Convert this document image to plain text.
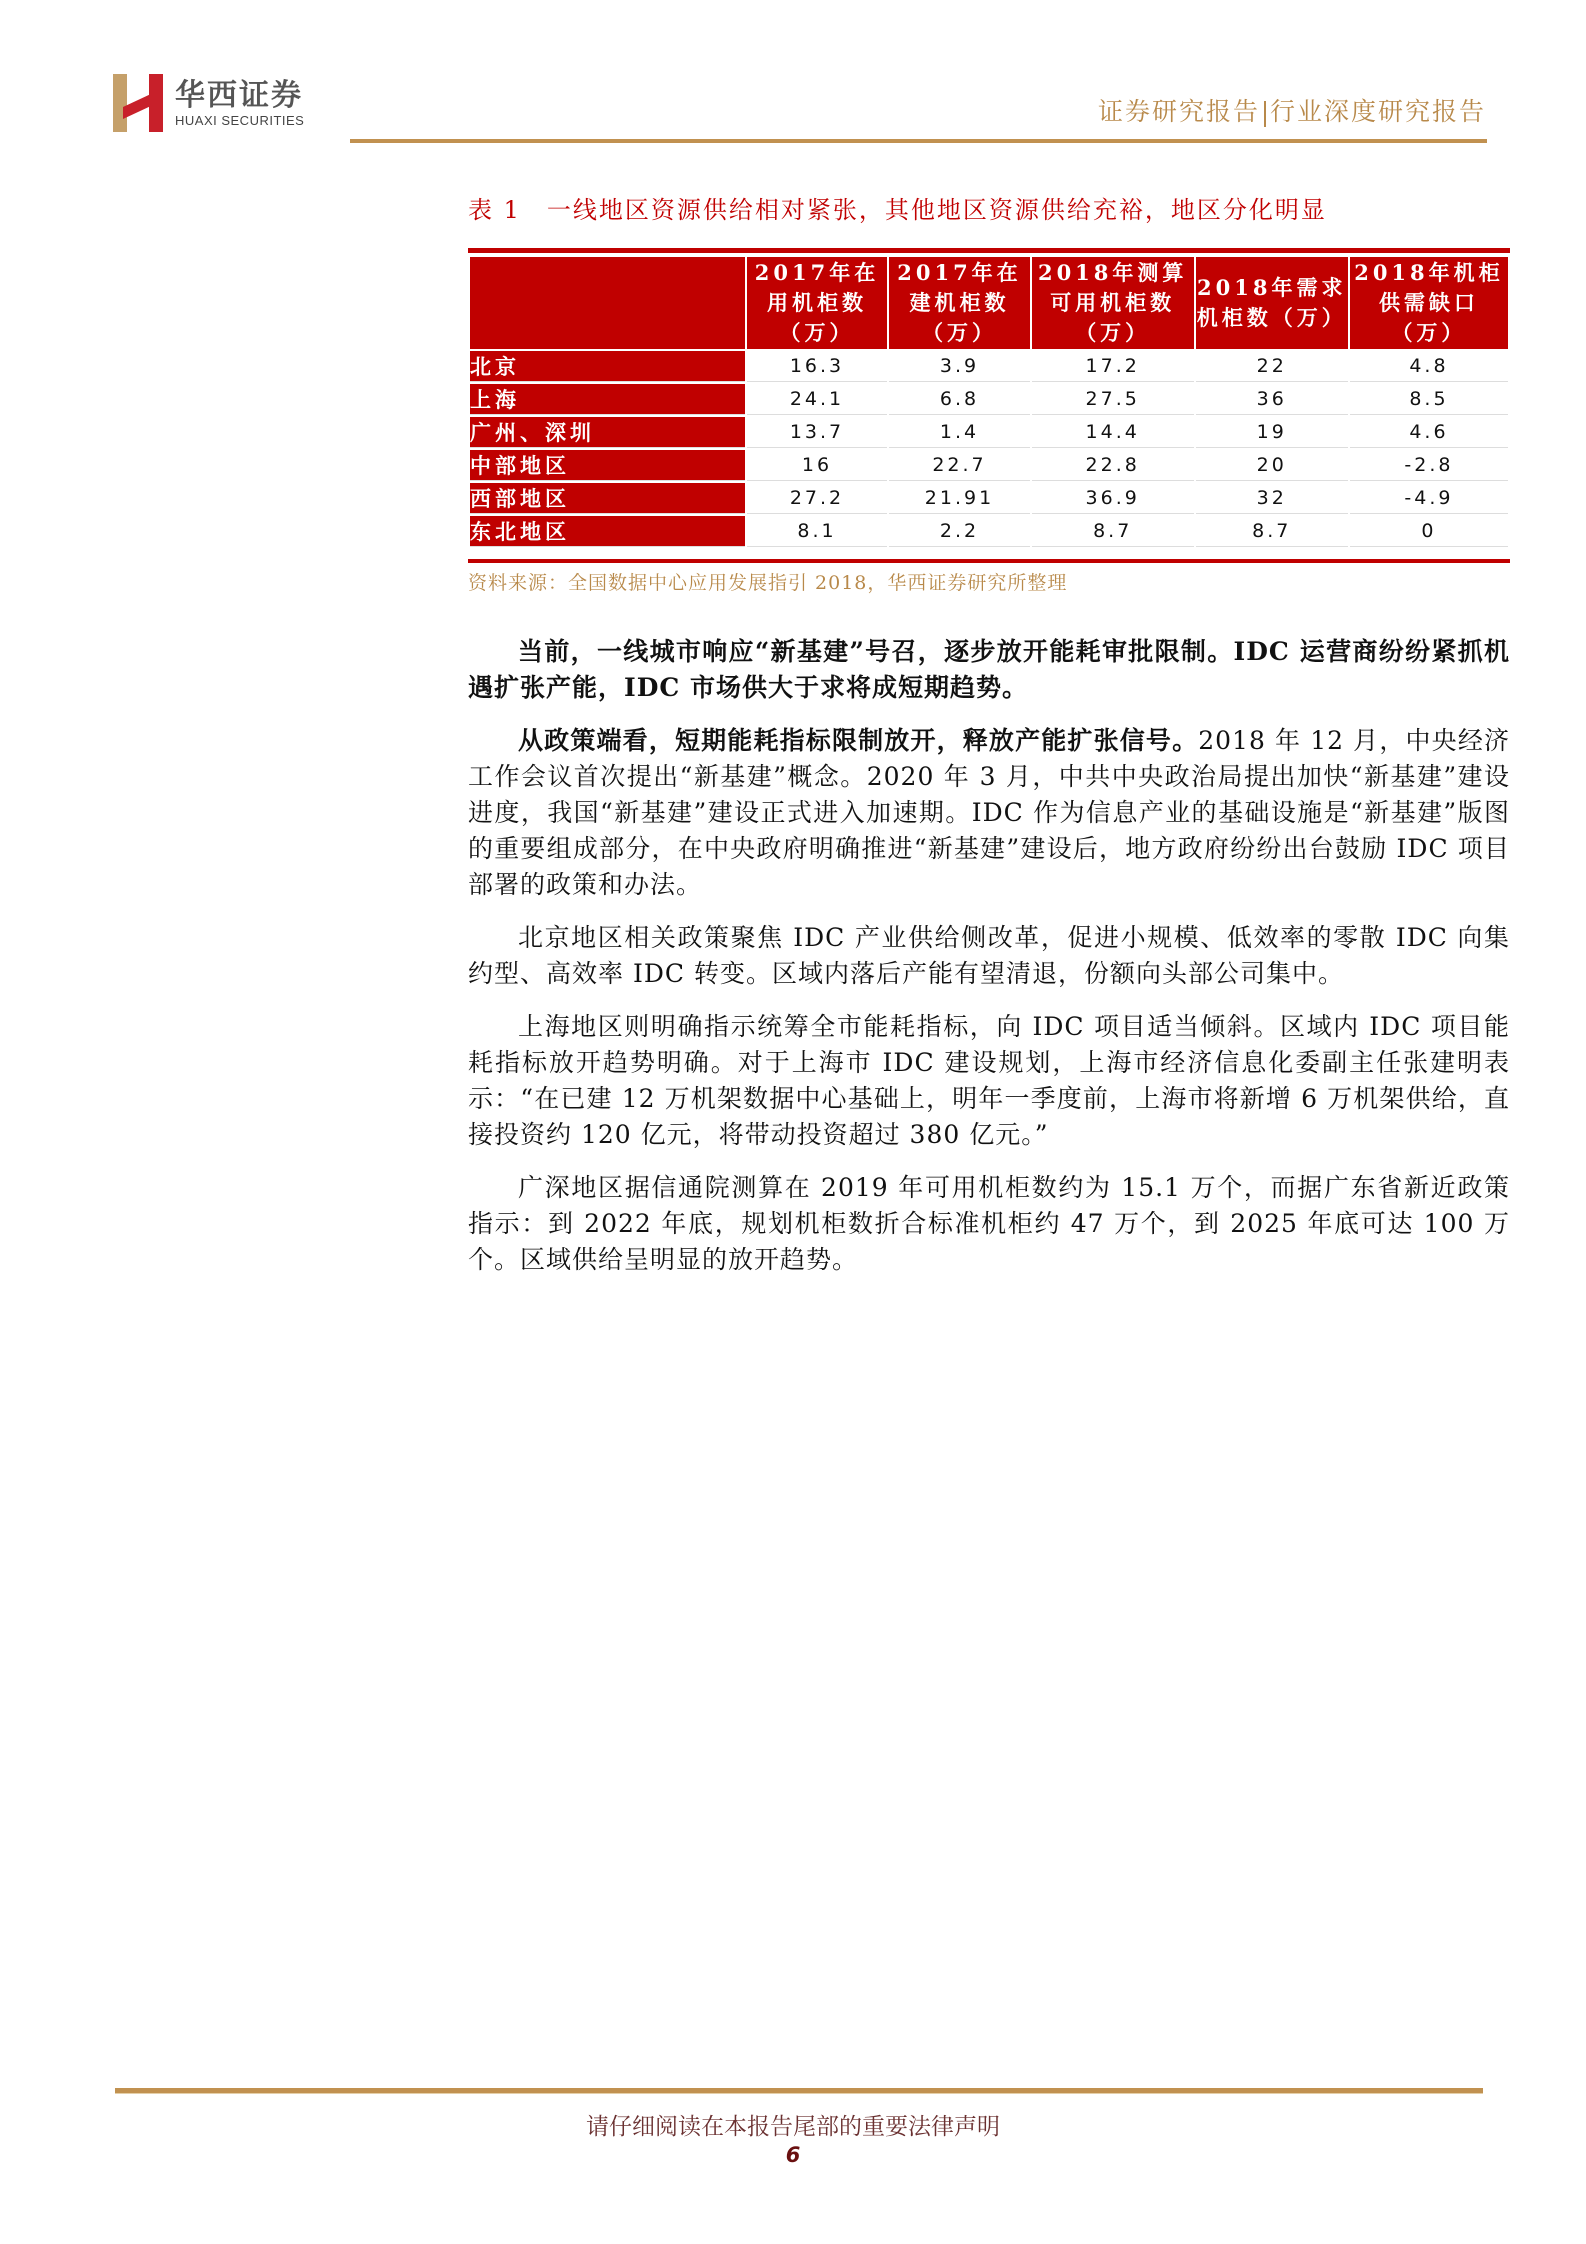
华西证券
HUAXI SECURITIES	证券研究报告 行业深度研究报告
表 1　一线地区资源供给相对紧张，其他地区资源供给充裕，地区分化明显
	2017年在用机柜数（万）	2017年在建机柜数（万）	2018年测算可用机柜数（万）	2018年需求机柜数（万）	2018年机柜供需缺口（万）
北京	16.3	3.9	17.2	22	4.8
上海	24.1	6.8	27.5	36	8.5
广州、深圳	13.7	1.4	14.4	19	4.6
中部地区	16	22.7	22.8	20	-2.8
西部地区	27.2	21.91	36.9	32	-4.9
东北地区	8.1	2.2	8.7	8.7	0
资料来源：全国数据中心应用发展指引 2018，华西证券研究所整理

当前，一线城市响应“新基建”号召，逐步放开能耗审批限制。IDC 运营商纷纷紧抓机遇扩张产能，IDC 市场供大于求将成短期趋势。

从政策端看，短期能耗指标限制放开，释放产能扩张信号。2018 年 12 月，中央经济工作会议首次提出“新基建”概念。2020 年 3 月，中共中央政治局提出加快“新基建”建设进度，我国“新基建”建设正式进入加速期。IDC 作为信息产业的基础设施是“新基建”版图的重要组成部分，在中央政府明确推进“新基建”建设后，地方政府纷纷出台鼓励 IDC 项目部署的政策和办法。

北京地区相关政策聚焦 IDC 产业供给侧改革，促进小规模、低效率的零散 IDC 向集约型、高效率 IDC 转变。区域内落后产能有望清退，份额向头部公司集中。

上海地区则明确指示统筹全市能耗指标，向 IDC 项目适当倾斜。区域内 IDC 项目能耗指标放开趋势明确。对于上海市 IDC 建设规划，上海市经济信息化委副主任张建明表示：“在已建 12 万机架数据中心基础上，明年一季度前，上海市将新增 6 万机架供给，直接投资约 120 亿元，将带动投资超过 380 亿元。”

广深地区据信通院测算在 2019 年可用机柜数约为 15.1 万个，而据广东省新近政策指示：到 2022 年底，规划机柜数折合标准机柜约 47 万个，到 2025 年底可达 100 万个。区域供给呈明显的放开趋势。

请仔细阅读在本报告尾部的重要法律声明
6
